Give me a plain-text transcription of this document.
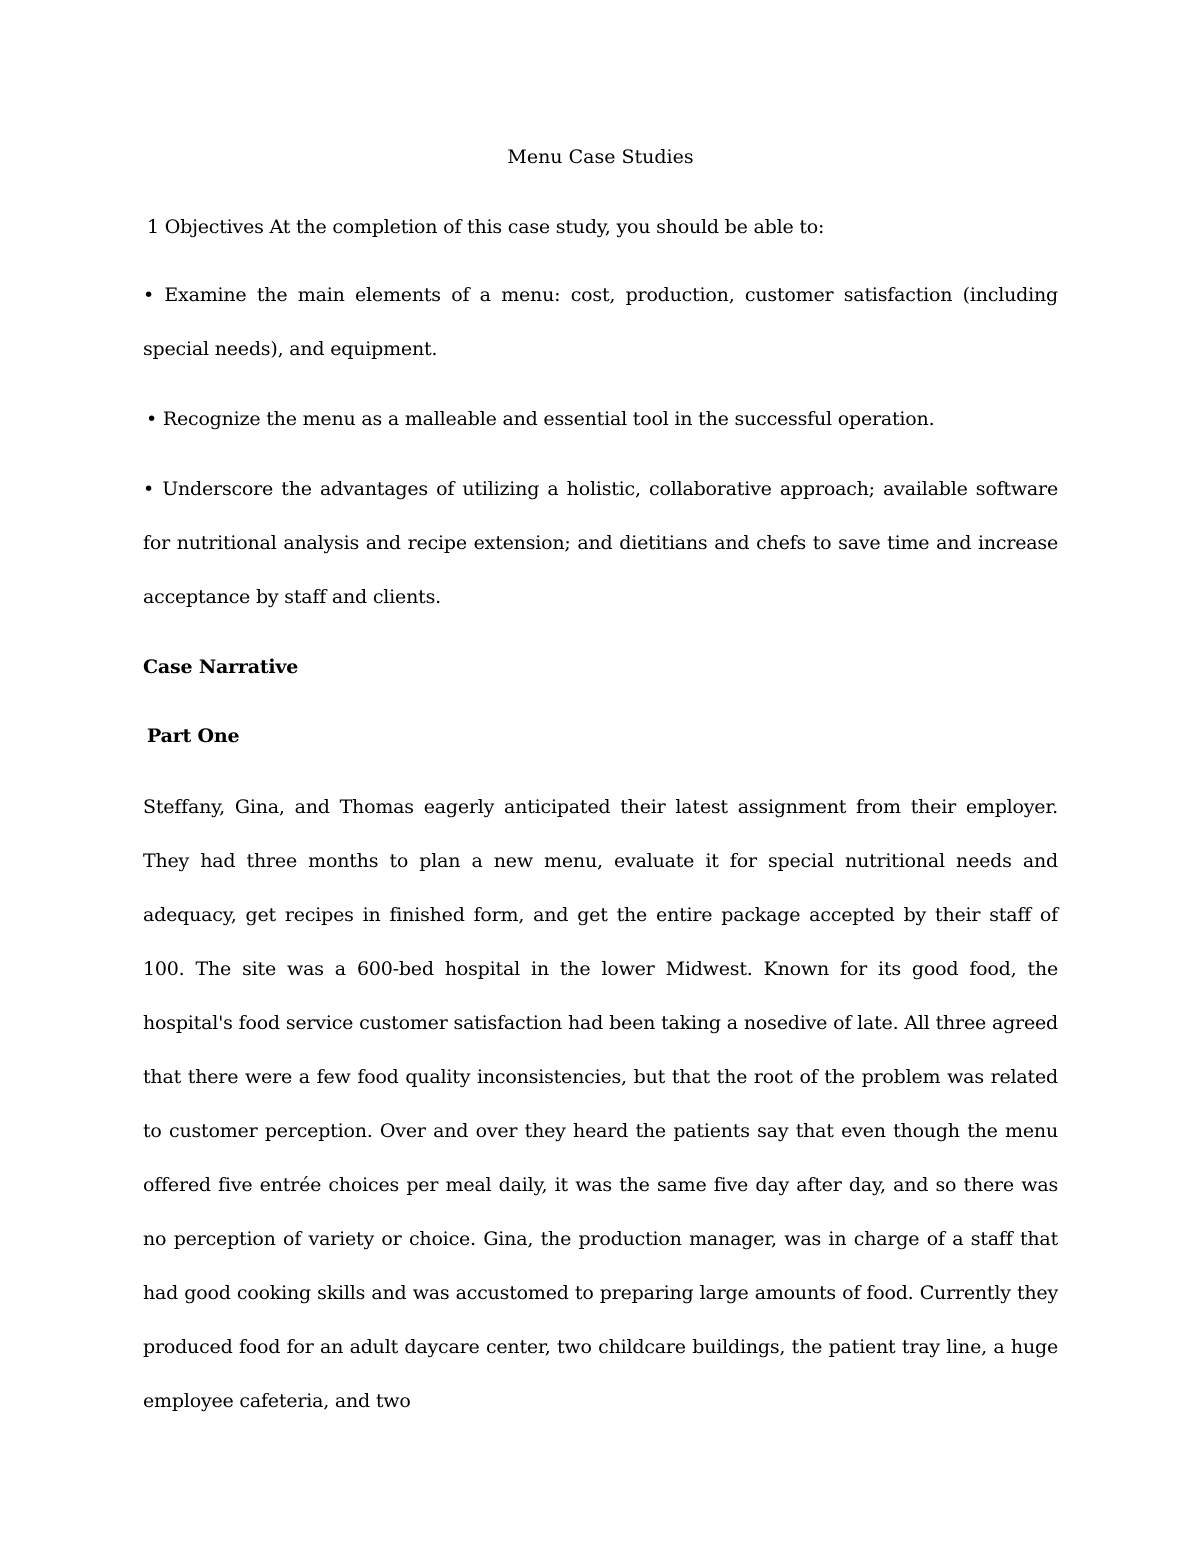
Menu Case Studies

1 Objectives At the completion of this case study, you should be able to:

• Examine the main elements of a menu: cost, production, customer satisfaction (including special needs), and equipment.

• Recognize the menu as a malleable and essential tool in the successful operation.

• Underscore the advantages of utilizing a holistic, collaborative approach; available software for nutritional analysis and recipe extension; and dietitians and chefs to save time and increase acceptance by staff and clients.

Case Narrative

Part One

Steffany, Gina, and Thomas eagerly anticipated their latest assignment from their employer. They had three months to plan a new menu, evaluate it for special nutritional needs and adequacy, get recipes in finished form, and get the entire package accepted by their staff of 100. The site was a 600-bed hospital in the lower Midwest. Known for its good food, the hospital's food service customer satisfaction had been taking a nosedive of late. All three agreed that there were a few food quality inconsistencies, but that the root of the problem was related to customer perception. Over and over they heard the patients say that even though the menu offered five entrée choices per meal daily, it was the same five day after day, and so there was no perception of variety or choice. Gina, the production manager, was in charge of a staff that had good cooking skills and was accustomed to preparing large amounts of food. Currently they produced food for an adult daycare center, two childcare buildings, the patient tray line, a huge employee cafeteria, and two
